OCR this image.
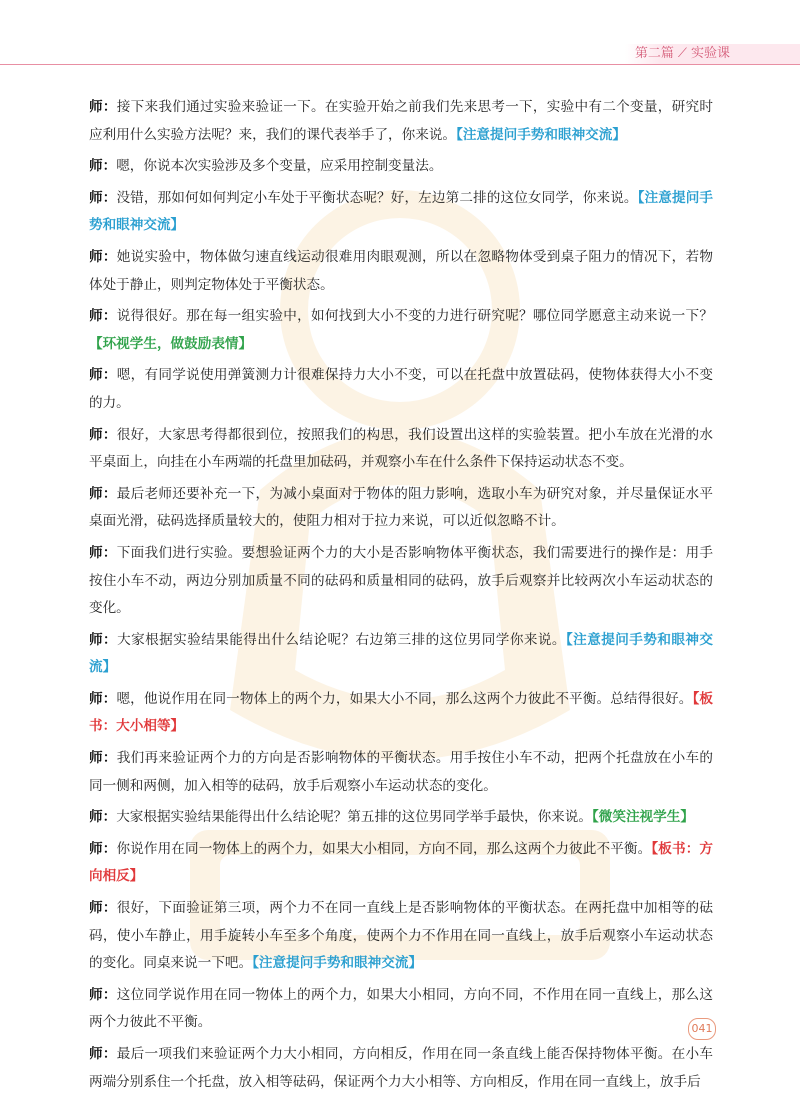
第二篇 ⟋ 实验课

师：接下来我们通过实验来验证一下。在实验开始之前我们先来思考一下，实验中有二个变量，研究时应利用什么实验方法呢？来，我们的课代表举手了，你来说。【注意提问手势和眼神交流】

师：嗯，你说本次实验涉及多个变量，应采用控制变量法。

师：没错，那如何如何判定小车处于平衡状态呢？好，左边第二排的这位女同学，你来说。【注意提问手势和眼神交流】

师：她说实验中，物体做匀速直线运动很难用肉眼观测，所以在忽略物体受到桌子阻力的情况下，若物体处于静止，则判定物体处于平衡状态。

师：说得很好。那在每一组实验中，如何找到大小不变的力进行研究呢？哪位同学愿意主动来说一下？【环视学生，做鼓励表情】

师：嗯，有同学说使用弹簧测力计很难保持力大小不变，可以在托盘中放置砝码，使物体获得大小不变的力。

师：很好，大家思考得都很到位，按照我们的构思，我们设置出这样的实验装置。把小车放在光滑的水平桌面上，向挂在小车两端的托盘里加砝码，并观察小车在什么条件下保持运动状态不变。

师：最后老师还要补充一下，为减小桌面对于物体的阻力影响，选取小车为研究对象，并尽量保证水平桌面光滑，砝码选择质量较大的，使阻力相对于拉力来说，可以近似忽略不计。

师：下面我们进行实验。要想验证两个力的大小是否影响物体平衡状态，我们需要进行的操作是：用手按住小车不动，两边分别加质量不同的砝码和质量相同的砝码，放手后观察并比较两次小车运动状态的变化。

师：大家根据实验结果能得出什么结论呢？右边第三排的这位男同学你来说。【注意提问手势和眼神交流】

师：嗯，他说作用在同一物体上的两个力，如果大小不同，那么这两个力彼此不平衡。总结得很好。【板书：大小相等】

师：我们再来验证两个力的方向是否影响物体的平衡状态。用手按住小车不动，把两个托盘放在小车的同一侧和两侧，加入相等的砝码，放手后观察小车运动状态的变化。

师：大家根据实验结果能得出什么结论呢？第五排的这位男同学举手最快，你来说。【微笑注视学生】

师：你说作用在同一物体上的两个力，如果大小相同，方向不同，那么这两个力彼此不平衡。【板书：方向相反】

师：很好，下面验证第三项，两个力不在同一直线上是否影响物体的平衡状态。在两托盘中加相等的砝码，使小车静止，用手旋转小车至多个角度，使两个力不作用在同一直线上，放手后观察小车运动状态的变化。同桌来说一下吧。【注意提问手势和眼神交流】

师：这位同学说作用在同一物体上的两个力，如果大小相同，方向不同，不作用在同一直线上，那么这两个力彼此不平衡。

师：最后一项我们来验证两个力大小相同，方向相反，作用在同一条直线上能否保持物体平衡。在小车两端分别系住一个托盘，放入相等砝码，保证两个力大小相等、方向相反，作用在同一直线上，放手后

041
